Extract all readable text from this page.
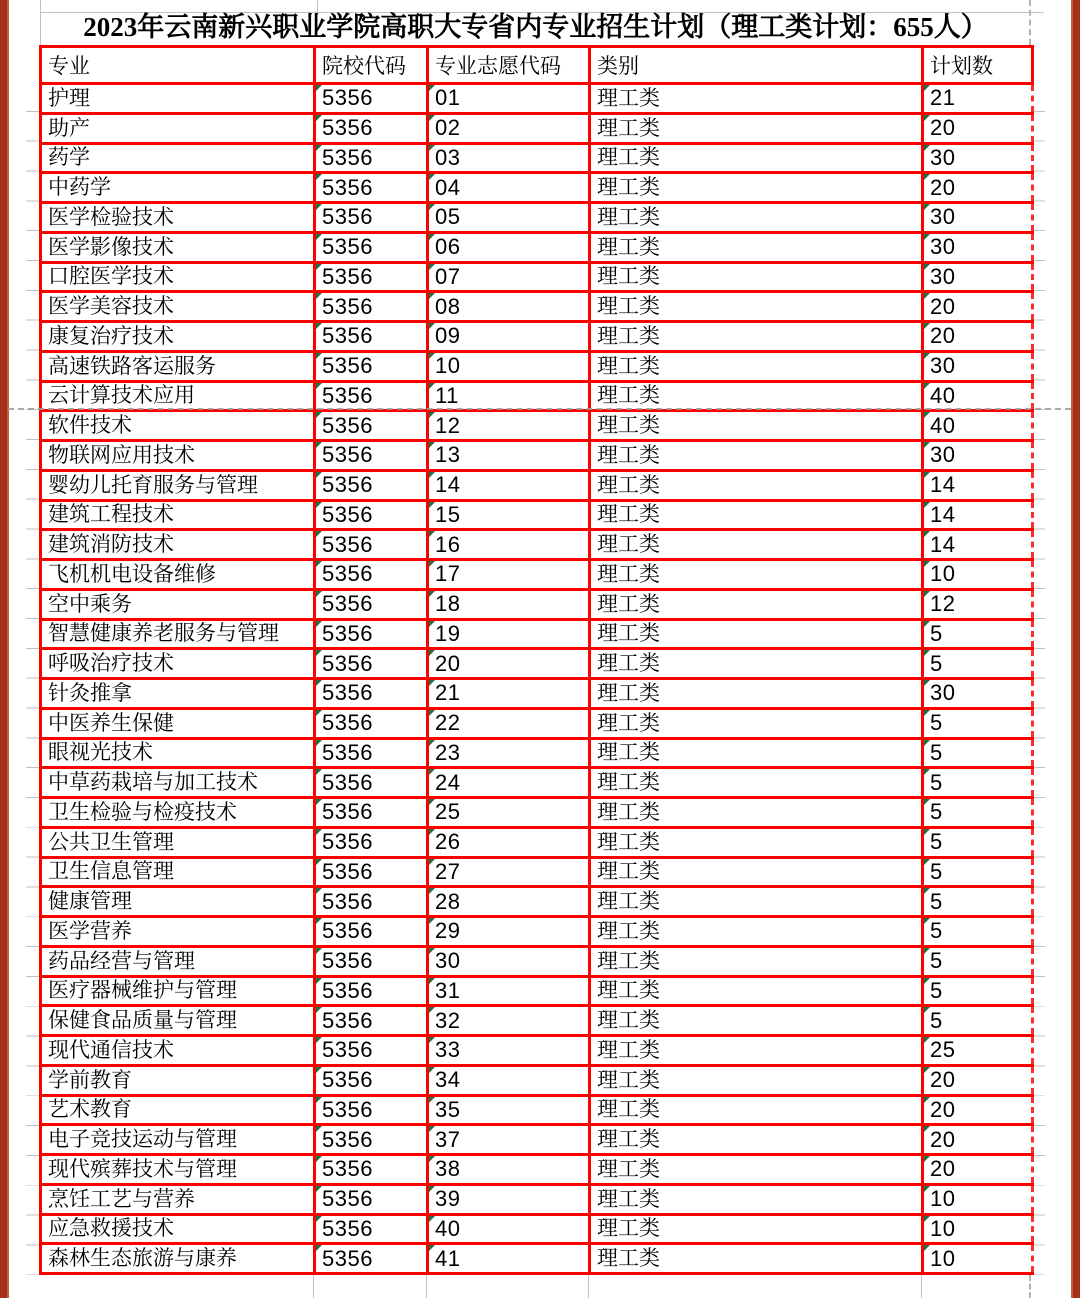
2023年云南新兴职业学院高职大专省内专业招生计划（理工类计划：655人）
专业	院校代码	专业志愿代码	类别	计划数
护理	5356	01	理工类	21
助产	5356	02	理工类	20
药学	5356	03	理工类	30
中药学	5356	04	理工类	20
医学检验技术	5356	05	理工类	30
医学影像技术	5356	06	理工类	30
口腔医学技术	5356	07	理工类	30
医学美容技术	5356	08	理工类	20
康复治疗技术	5356	09	理工类	20
高速铁路客运服务	5356	10	理工类	30
云计算技术应用	5356	11	理工类	40
软件技术	5356	12	理工类	40
物联网应用技术	5356	13	理工类	30
婴幼儿托育服务与管理	5356	14	理工类	14
建筑工程技术	5356	15	理工类	14
建筑消防技术	5356	16	理工类	14
飞机机电设备维修	5356	17	理工类	10
空中乘务	5356	18	理工类	12
智慧健康养老服务与管理	5356	19	理工类	5
呼吸治疗技术	5356	20	理工类	5
针灸推拿	5356	21	理工类	30
中医养生保健	5356	22	理工类	5
眼视光技术	5356	23	理工类	5
中草药栽培与加工技术	5356	24	理工类	5
卫生检验与检疫技术	5356	25	理工类	5
公共卫生管理	5356	26	理工类	5
卫生信息管理	5356	27	理工类	5
健康管理	5356	28	理工类	5
医学营养	5356	29	理工类	5
药品经营与管理	5356	30	理工类	5
医疗器械维护与管理	5356	31	理工类	5
保健食品质量与管理	5356	32	理工类	5
现代通信技术	5356	33	理工类	25
学前教育	5356	34	理工类	20
艺术教育	5356	35	理工类	20
电子竞技运动与管理	5356	37	理工类	20
现代殡葬技术与管理	5356	38	理工类	20
烹饪工艺与营养	5356	39	理工类	10
应急救援技术	5356	40	理工类	10
森林生态旅游与康养	5356	41	理工类	10
